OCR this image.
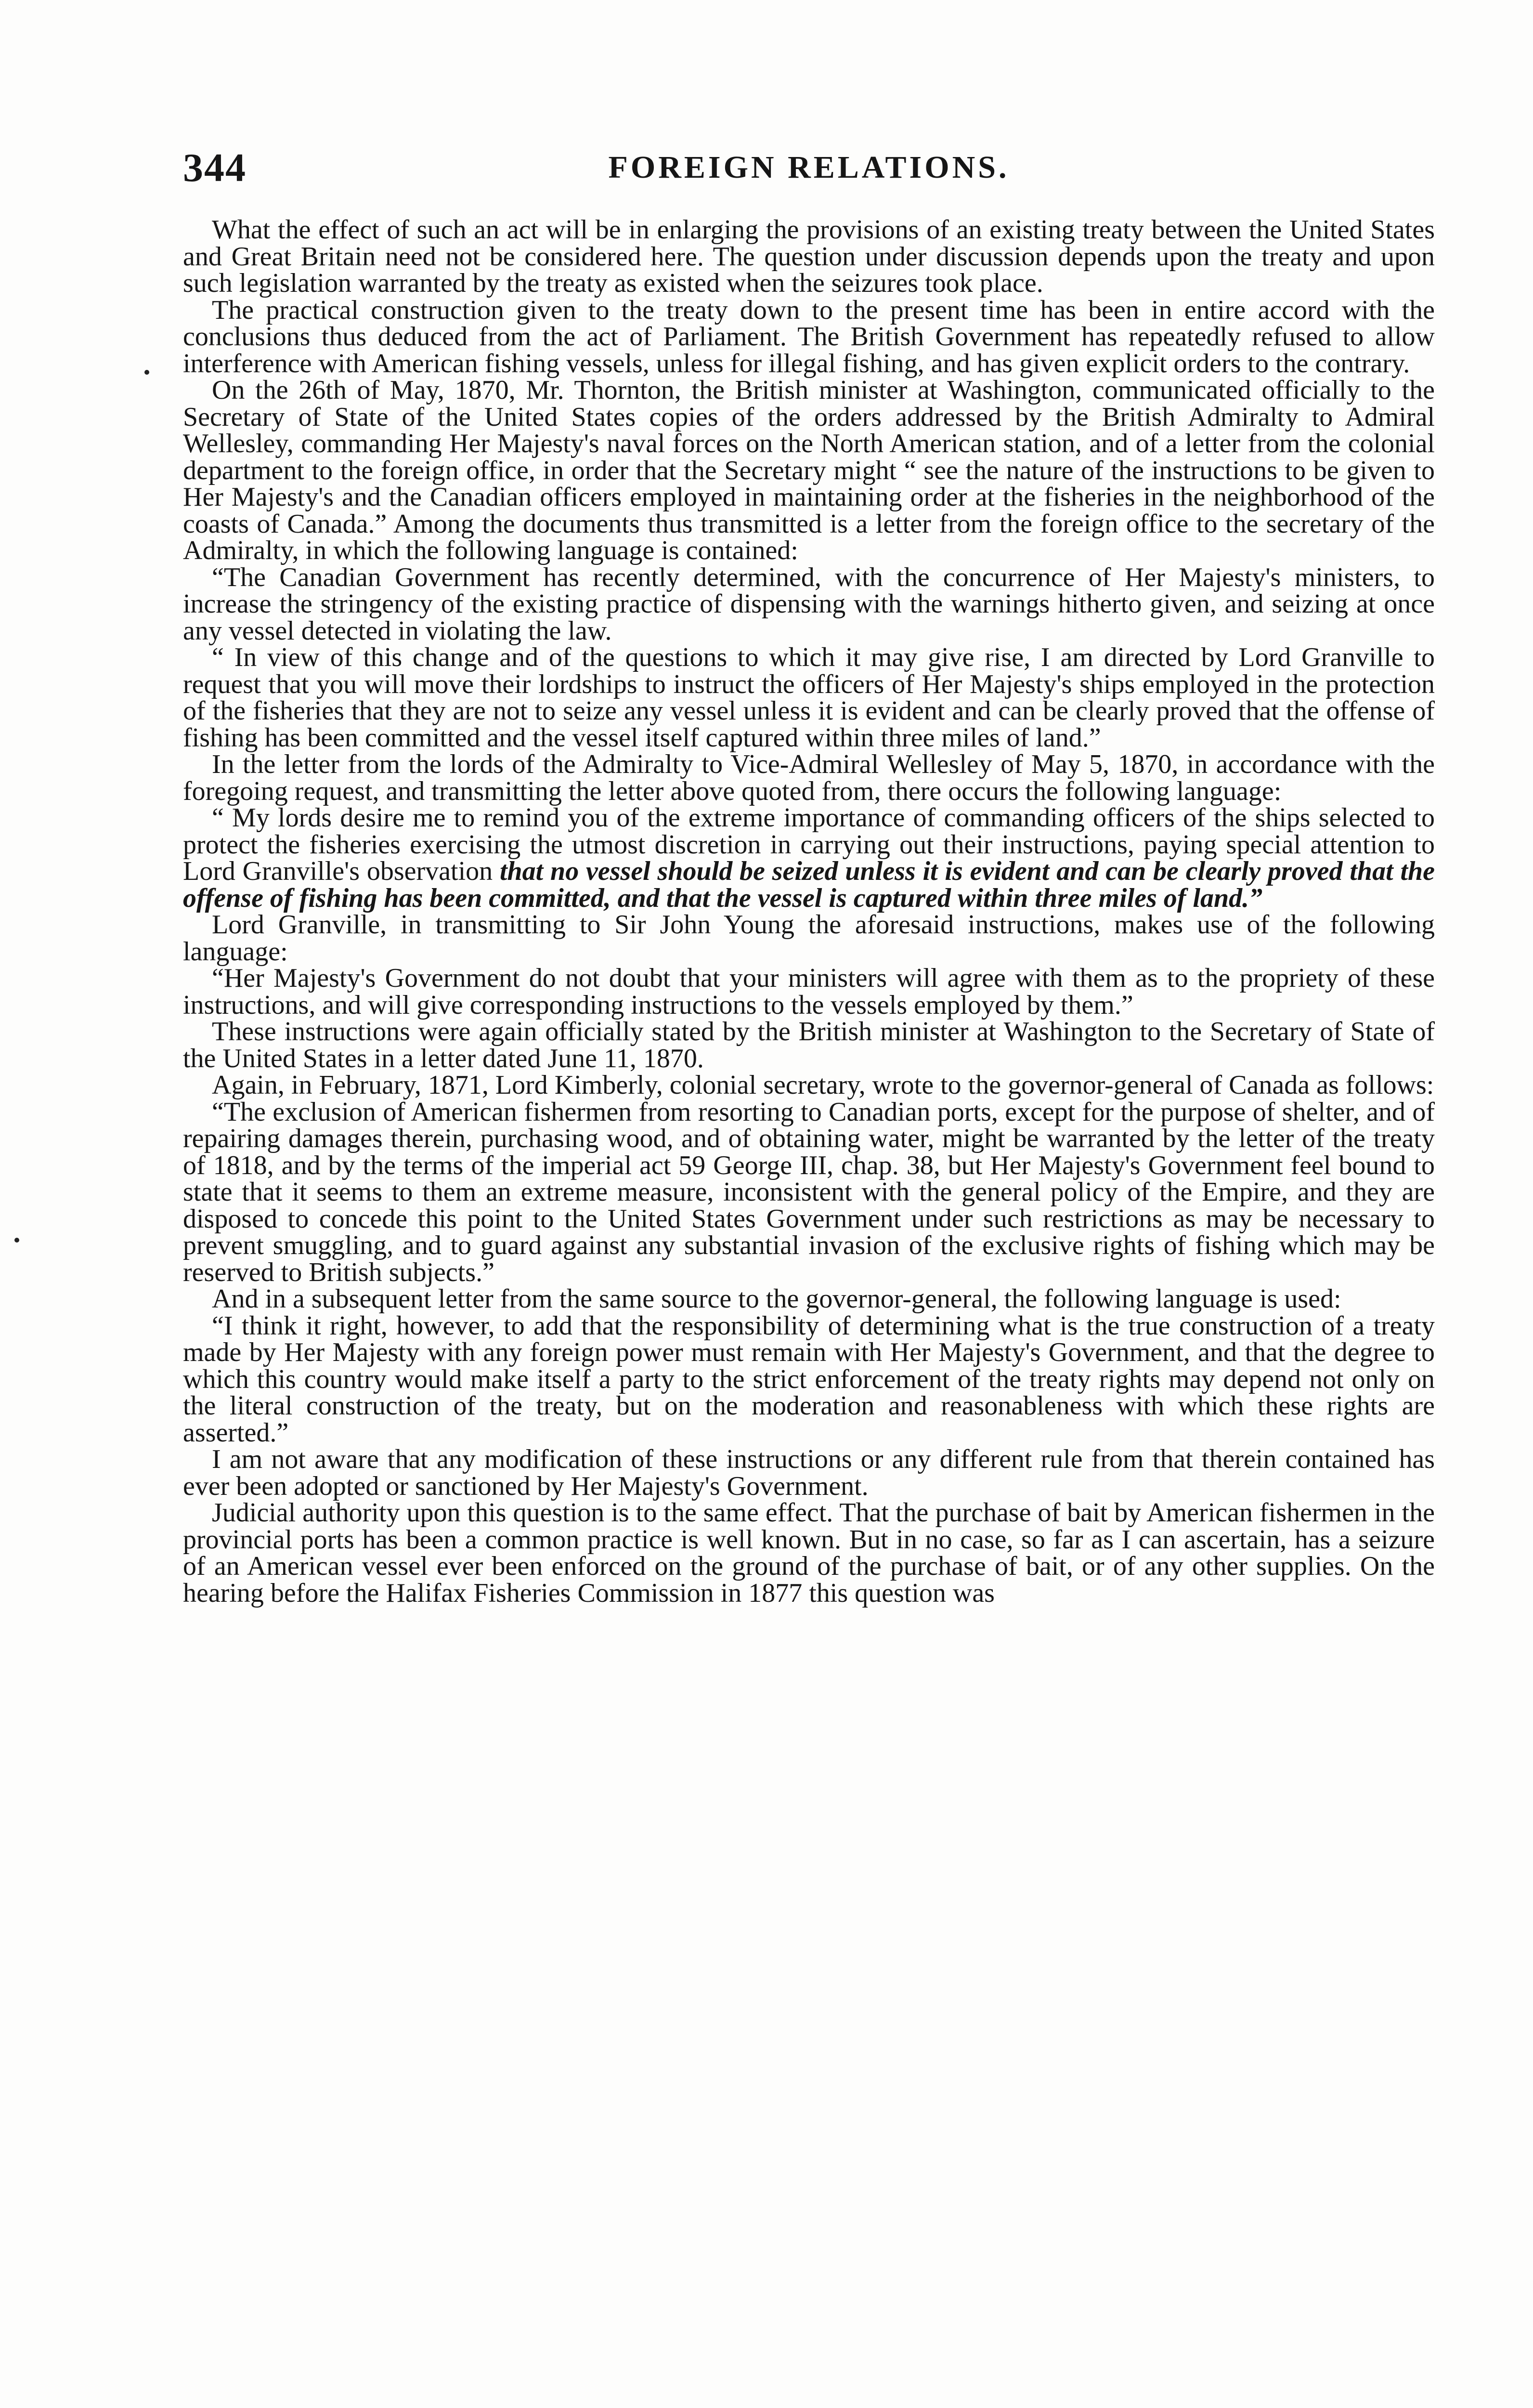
344	FOREIGN RELATIONS.

What the effect of such an act will be in enlarging the provisions of an existing treaty between the United States and Great Britain need not be considered here. The question under discussion depends upon the treaty and upon such legislation warranted by the treaty as existed when the seizures took place.

The practical construction given to the treaty down to the present time has been in entire accord with the conclusions thus deduced from the act of Parliament. The British Government has repeatedly refused to allow interference with American fishing vessels, unless for illegal fishing, and has given explicit orders to the contrary.

On the 26th of May, 1870, Mr. Thornton, the British minister at Washington, communicated officially to the Secretary of State of the United States copies of the orders addressed by the British Admiralty to Admiral Wellesley, commanding Her Majesty's naval forces on the North American station, and of a letter from the colonial department to the foreign office, in order that the Secretary might “ see the nature of the instructions to be given to Her Majesty's and the Canadian officers employed in maintaining order at the fisheries in the neighborhood of the coasts of Canada.” Among the documents thus transmitted is a letter from the foreign office to the secretary of the Admiralty, in which the following language is contained:

“The Canadian Government has recently determined, with the concurrence of Her Majesty's ministers, to increase the stringency of the existing practice of dispensing with the warnings hitherto given, and seizing at once any vessel detected in violating the law.

“ In view of this change and of the questions to which it may give rise, I am directed by Lord Granville to request that you will move their lordships to instruct the officers of Her Majesty's ships employed in the protection of the fisheries that they are not to seize any vessel unless it is evident and can be clearly proved that the offense of fishing has been committed and the vessel itself captured within three miles of land.”

In the letter from the lords of the Admiralty to Vice-Admiral Wellesley of May 5, 1870, in accordance with the foregoing request, and transmitting the letter above quoted from, there occurs the following language:

“ My lords desire me to remind you of the extreme importance of commanding officers of the ships selected to protect the fisheries exercising the utmost discretion in carrying out their instructions, paying special attention to Lord Granville's observation that no vessel should be seized unless it is evident and can be clearly proved that the offense of fishing has been committed, and that the vessel is captured within three miles of land.”

Lord Granville, in transmitting to Sir John Young the aforesaid instructions, makes use of the following language:

“Her Majesty's Government do not doubt that your ministers will agree with them as to the propriety of these instructions, and will give corresponding instructions to the vessels employed by them.”

These instructions were again officially stated by the British minister at Washington to the Secretary of State of the United States in a letter dated June 11, 1870.

Again, in February, 1871, Lord Kimberly, colonial secretary, wrote to the governor-general of Canada as follows:

“The exclusion of American fishermen from resorting to Canadian ports, except for the purpose of shelter, and of repairing damages therein, purchasing wood, and of obtaining water, might be warranted by the letter of the treaty of 1818, and by the terms of the imperial act 59 George III, chap. 38, but Her Majesty's Government feel bound to state that it seems to them an extreme measure, inconsistent with the general policy of the Empire, and they are disposed to concede this point to the United States Government under such restrictions as may be necessary to prevent smuggling, and to guard against any substantial invasion of the exclusive rights of fishing which may be reserved to British subjects.”

And in a subsequent letter from the same source to the governor-general, the following language is used:

“I think it right, however, to add that the responsibility of determining what is the true construction of a treaty made by Her Majesty with any foreign power must remain with Her Majesty's Government, and that the degree to which this country would make itself a party to the strict enforcement of the treaty rights may depend not only on the literal construction of the treaty, but on the moderation and reasonableness with which these rights are asserted.”

I am not aware that any modification of these instructions or any different rule from that therein contained has ever been adopted or sanctioned by Her Majesty's Government.

Judicial authority upon this question is to the same effect. That the purchase of bait by American fishermen in the provincial ports has been a common practice is well known. But in no case, so far as I can ascertain, has a seizure of an American vessel ever been enforced on the ground of the purchase of bait, or of any other supplies. On the hearing before the Halifax Fisheries Commission in 1877 this question was
